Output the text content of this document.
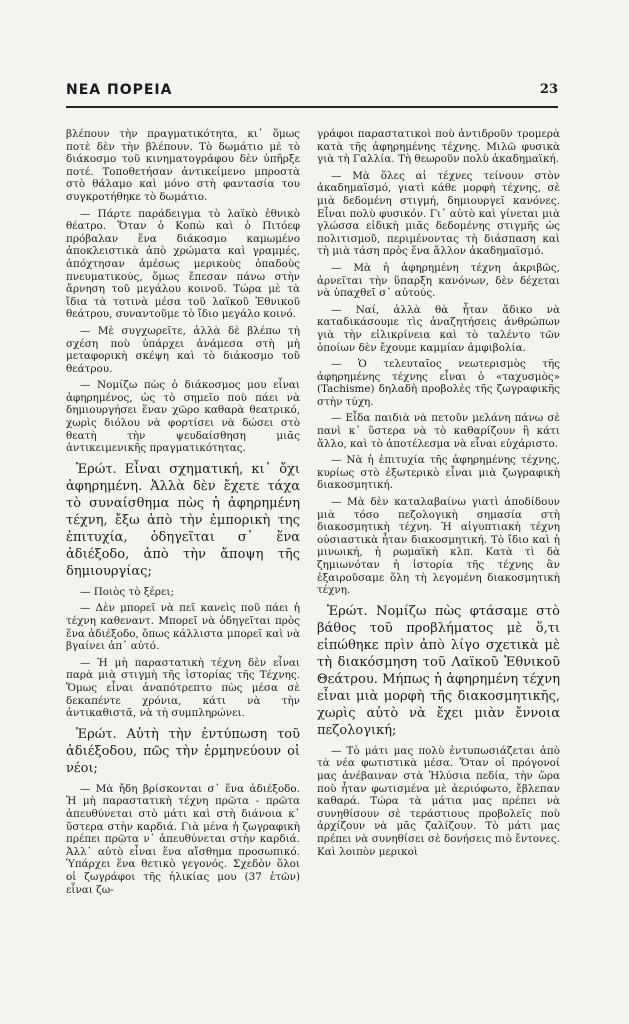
ΝΕΑ ΠΟΡΕΙΑ	23

βλέπουν τὴν πραγματικότητα, κι᾽ ὅμως ποτὲ δὲν τὴν βλέπουν. Τὸ δωμάτιο μὲ τὸ διάκοσμο τοῦ κινηματογράφου δὲν ὑπῆρξε ποτέ. Τοποθετήσαν ἀντικείμενο μπροστὰ στὸ θάλαμο καὶ μόνο στὴ φαντασία του συγκροτήθηκε τὸ δωμάτιο.

— Πάρτε παράδειγμα τὸ λαϊκὸ ἐθνικὸ θέατρο. Ὅταν ὁ Κοπὼ καὶ ὁ Πιτόεφ πρόβαλαν ἕνα διάκοσμο καμωμένο ἀποκλειστικὰ ἀπὸ χρώματα καὶ γραμμές, ἀπόχτησαν ἀμέσως μερικοὺς ὀπαδοὺς πνευματικούς, ὅμως ἔπεσαν πάνω στὴν ἄρνηση τοῦ μεγάλου κοινοῦ. Τώρα μὲ τὰ ἴδια τὰ τοτινὰ μέσα τοῦ λαϊκοῦ Ἐθνικοῦ θεάτρου, συναντοῦμε τὸ ἴδιο μεγάλο κοινό.

— Μὲ συγχωρεῖτε, ἀλλὰ δὲ βλέπω τὴ σχέση ποὺ ὑπάρχει ἀνάμεσα στὴ μὴ μεταφορικὴ σκέψη καὶ τὸ διάκοσμο τοῦ θεάτρου.

— Νομίζω πὼς ὁ διάκοσμος μου εἶναι ἀφηρημένος, ὡς τὸ σημεῖο ποὺ πάει νὰ δημιουργήσει ἕναν χῶρο καθαρὰ θεατρικό, χωρὶς διόλου νὰ φορτίσει νὰ δώσει στὸ θεατὴ τὴν ψευδαίσθηση μιᾶς ἀντικειμενικῆς πραγματικότητας.

Ἐρώτ. Εἶναι σχηματική, κι᾽ ὄχι ἀφηρημένη. Ἀλλὰ δὲν ἔχετε τάχα τὸ συναίσθημα πὼς ἡ ἀφηρημένη τέχνη, ἔξω ἀπὸ τὴν ἐμπορικὴ της ἐπιτυχία, ὁδηγεῖται σ᾽ ἕνα ἀδιέξοδο, ἀπὸ τὴν ἄποψη τῆς δημιουργίας;

— Ποιὸς τὸ ξέρει;

— Δὲν μπορεῖ νὰ πεῖ κανεὶς ποῦ πάει ἡ τέχνη καθεναντ. Μπορεῖ νὰ ὁδηγεῖται πρὸς ἕνα ἀδιέξοδο, ὅπως κάλλιστα μπορεῖ καὶ νὰ βγαίνει ἀπ᾽ αὐτό.

— Ἡ μὴ παραστατικὴ τέχνη δὲν εἶναι παρὰ μιὰ στιγμὴ τῆς ἱστορίας τῆς Τέχνης. Ὅμως εἶναι ἀναπότρεπτο πὼς μέσα σὲ δεκαπέντε χρόνια, κάτι νὰ τὴν ἀντικαθιστᾶ, νὰ τὴ συμπληρώνει.

Ἐρώτ. Αὐτὴ τὴν ἐντύπωση τοῦ ἀδιέξοδου, πῶς τὴν ἑρμηνεύουν οἱ νέοι;

— Μὰ ἤδη βρίσκονται σ᾽ ἕνα ἀδιέξοδο. Ἡ μὴ παραστατικὴ τέχνη πρῶτα - πρῶτα ἀπευθύνεται στὸ μάτι καὶ στὴ διάνοια κ᾽ ὕστερα στὴν καρδιά. Γιὰ μένα ἡ ζωγραφικὴ πρέπει πρῶτα ν᾽ ἀπευθύνεται στὴν καρδιά. Ἀλλ᾽ αὐτὸ εἶναι ἕνα αἴσθημα προσωπικό. Ὑπάρχει ἕνα θετικὸ γεγονός. Σχεδὸν ὅλοι οἱ ζωγράφοι τῆς ἡλικίας μου (37 ἐτῶν) εἶναι ζω-

γράφοι παραστατικοὶ ποὺ ἀντιδροῦν τρομερὰ κατὰ τῆς ἀφηρημένης τέχνης. Μιλῶ φυσικὰ γιὰ τὴ Γαλλία. Τὴ θεωροῦν πολὺ ἀκαδημαϊκή.

— Μὰ ὅλες αἱ τέχνες τείνουν στὸν ἀκαδημαϊσμό, γιατὶ κάθε μορφὴ τέχνης, σὲ μιὰ δεδομένη στιγμή, δημιουργεῖ κανόνες. Εἶναι πολὺ φυσικόν. Γι᾽ αὐτὸ καὶ γίνεται μιὰ γλώσσα εἰδικὴ μιᾶς δεδομένης στιγμῆς ὡς πολιτισμοῦ, περιμένοντας τὴ διάσπαση καὶ τὴ μιὰ τάση πρὸς ἕνα ἄλλον ἀκαδημαϊσμό.

— Μὰ ἡ ἀφηρημένη τέχνη ἀκριβῶς, ἀρνεῖται τὴν ὕπαρξη κανόνων, δὲν δέχεται νὰ ὑπαχθεῖ σ᾽ αὐτούς.

— Ναί, ἀλλὰ θὰ ἦταν ἄδικο νὰ καταδικάσουμε τὶς ἀναζητήσεις ἀνθρώπων γιὰ τὴν εἰλικρίνεια καὶ τὸ ταλέντο τῶν ὁποίων δὲν ἔχουμε καμμίαν ἀμφιβολία.

— Ὁ τελευταῖος νεωτερισμὸς τῆς ἀφηρημένης τέχνης εἶναι ὁ «ταχυσμὸς» (Tachisme) δηλαδὴ προβολὲς τῆς ζωγραφικῆς στὴν τύχη.

— Εἶδα παιδιὰ νὰ πετοῦν μελάνη πάνω σὲ πανὶ κ᾽ ὕστερα νὰ τὸ καθαρίζουν ἢ κάτι ἄλλο, καὶ τὸ ἀποτέλεσμα νὰ εἶναι εὐχάριστο.

— Νὰ ἡ ἐπιτυχία τῆς ἀφηρημένης τέχνης, κυρίως στὸ ἐξωτερικὸ εἶναι μιὰ ζωγραφικὴ διακοσμητική.

— Μὰ δὲν καταλαβαίνω γιατὶ ἀποδίδουν μιὰ τόσο πεζολογικὴ σημασία στὴ διακοσμητικὴ τέχνη. Ἡ αἰγυπτιακὴ τέχνη οὐσιαστικὰ ἦταν διακοσμητική. Τὸ ἴδιο καὶ ἡ μινωική, ἡ ρωμαϊκὴ κλπ. Κατὰ τὶ δὰ ζημιωνόταν ἡ ἱστορία τῆς τέχνης ἂν ἐξαιροῦσαμε ὅλη τὴ λεγομένη διακοσμητικὴ τέχνη.

Ἐρώτ. Νομίζω πὼς φτάσαμε στὸ βάθος τοῦ προβλήματος μὲ ὅ,τι εἰπώθηκε πρὶν ἀπὸ λίγο σχετικὰ μὲ τὴ διακόσμηση τοῦ Λαϊκοῦ Ἐθνικοῦ Θεάτρου. Μήπως ἡ ἀφηρημένη τέχνη εἶναι μιὰ μορφὴ τῆς διακοσμητικῆς, χωρὶς αὐτὸ νὰ ἔχει μιὰν ἔννοια πεζολογική;

— Τὸ μάτι μας πολὺ ἐντυπωσιάζεται ἀπὸ τὰ νέα φωτιστικὰ μέσα. Ὅταν οἱ πρόγονοί μας ἀνέβαιναν στὰ Ἠλύσια πεδία, τὴν ὥρα ποὺ ἦταν φωτισμένα μὲ ἀεριόφωτο, ἔβλεπαν καθαρά. Τώρα τὰ μάτια μας πρέπει νὰ συνηθίσουν σὲ τεράστιους προβολεῖς ποὺ ἀρχίζουν νὰ μᾶς ζαλίζουν. Τὸ μάτι μας πρέπει νὰ συνηθίσει σὲ δονήσεις πιὸ ἔντονες. Καὶ λοιπὸν μερικοὶ
